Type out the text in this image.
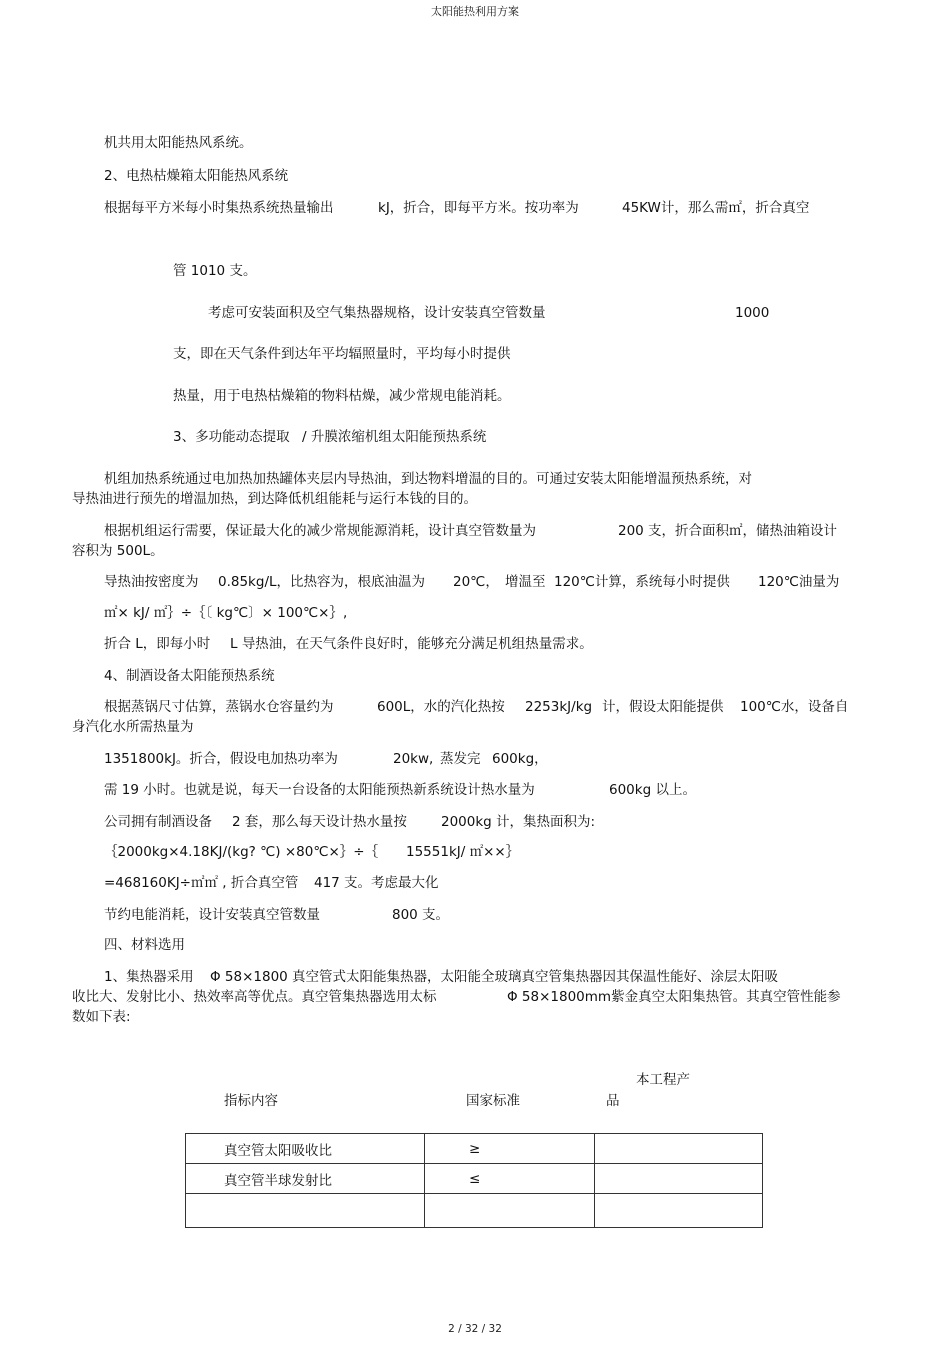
太阳能热利用方案
机共用太阳能热风系统。
2、电热枯燥箱太阳能热风系统
根据每平方米每小时集热系统热量输出	kJ，折合，即每平方米。按功率为	45KW计，那么需㎡，折合真空
管 1010 支。
考虑可安装面积及空气集热器规格，设计安装真空管数量	1000
支，即在天气条件到达年平均辐照量时，平均每小时提供
热量，用于电热枯燥箱的物料枯燥，减少常规电能消耗。
3、多功能动态提取 / 升膜浓缩机组太阳能预热系统
机组加热系统通过电加热加热罐体夹层内导热油，到达物料增温的目的。可通过安装太阳能增温预热系统，对
导热油进行预先的增温加热，到达降低机组能耗与运行本钱的目的。
根据机组运行需要，保证最大化的减少常规能源消耗，设计真空管数量为	200 支，折合面积㎡，储热油箱设计
容积为 500L。
导热油按密度为 0.85kg/L， 比热容为，根底油温为 20℃， 增温至 120℃计算，系统每小时提供 120℃油量为
㎡× kJ/ ㎡｝÷｛〔 kg℃〕× 100℃×｝,
折合 L，即每小时 L 导热油，在天气条件良好时，能够充分满足机组热量需求。
4、制酒设备太阳能预热系统
根据蒸锅尺寸估算，蒸锅水仓容量约为	600L，水的汽化热按 2253kJ/kg 计，假设太阳能提供 100℃水，设备自
身汽化水所需热量为
1351800kJ。折合，假设电加热功率为	20kw, 蒸发完 600kg，
需 19 小时。也就是说，每天一台设备的太阳能预热新系统设计热水量为	600kg 以上。
公司拥有制酒设备 2 套，那么每天设计热水量按	2000kg 计，集热面积为:
｛2000kg×4.18KJ/(kg? ℃) ×80℃×｝÷｛ 15551kJ/ ㎡××｝
=468160KJ÷㎡㎡ , 折合真空管 417 支。考虑最大化
节约电能消耗，设计安装真空管数量	800 支。
四、材料选用
1、集热器采用 Φ 58×1800 真空管式太阳能集热器，太阳能全玻璃真空管集热器因其保温性能好、涂层太阳吸
收比大、发射比小、热效率高等优点。真空管集热器选用太标	Φ 58×1800mm紫金真空太阳集热管。其真空管性能参
数如下表:
指标内容	国家标准
本工程产
品
真空管太阳吸收比	≥	
真空管半球发射比	≤	

2 / 32 / 32
